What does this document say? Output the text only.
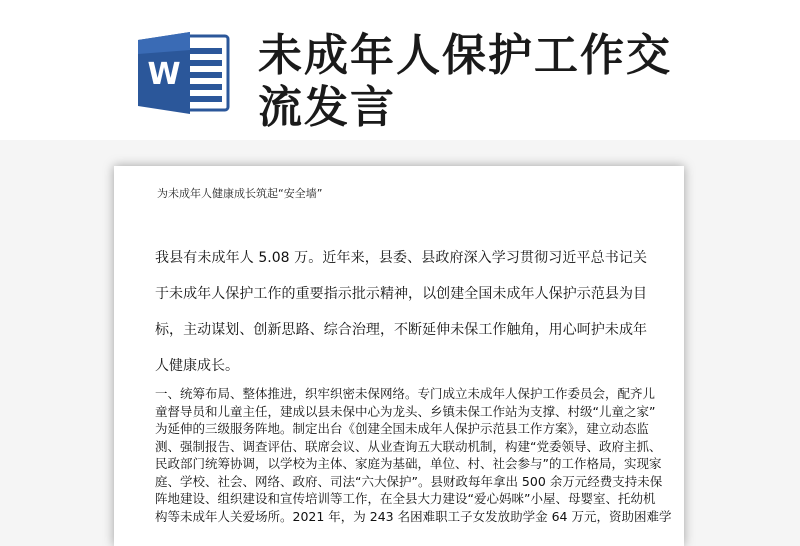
W 未成年人保护工作交
流发言
为未成年人健康成长筑起“安全墙”

我县有未成年人 5.08 万。近年来，县委、县政府深入学习贯彻习近平总书记关

于未成年人保护工作的重要指示批示精神，以创建全国未成年人保护示范县为目

标，主动谋划、创新思路、综合治理，不断延伸未保工作触角，用心呵护未成年

人健康成长。

一、统筹布局、整体推进，织牢织密未保网络。专门成立未成年人保护工作委员会，配齐儿

童督导员和儿童主任，建成以县未保中心为龙头、乡镇未保工作站为支撑、村级“儿童之家”

为延伸的三级服务阵地。制定出台《创建全国未成年人保护示范县工作方案》，建立动态监

测、强制报告、调查评估、联席会议、从业查询五大联动机制，构建“党委领导、政府主抓、

民政部门统筹协调，以学校为主体、家庭为基础，单位、村、社会参与”的工作格局，实现家

庭、学校、社会、网络、政府、司法“六大保护”。县财政每年拿出 500 余万元经费支持未保

阵地建设、组织建设和宣传培训等工作，在全县大力建设“爱心妈咪”小屋、母婴室、托幼机

构等未成年人关爱场所。2021 年，为 243 名困难职工子女发放助学金 64 万元，资助困难学
